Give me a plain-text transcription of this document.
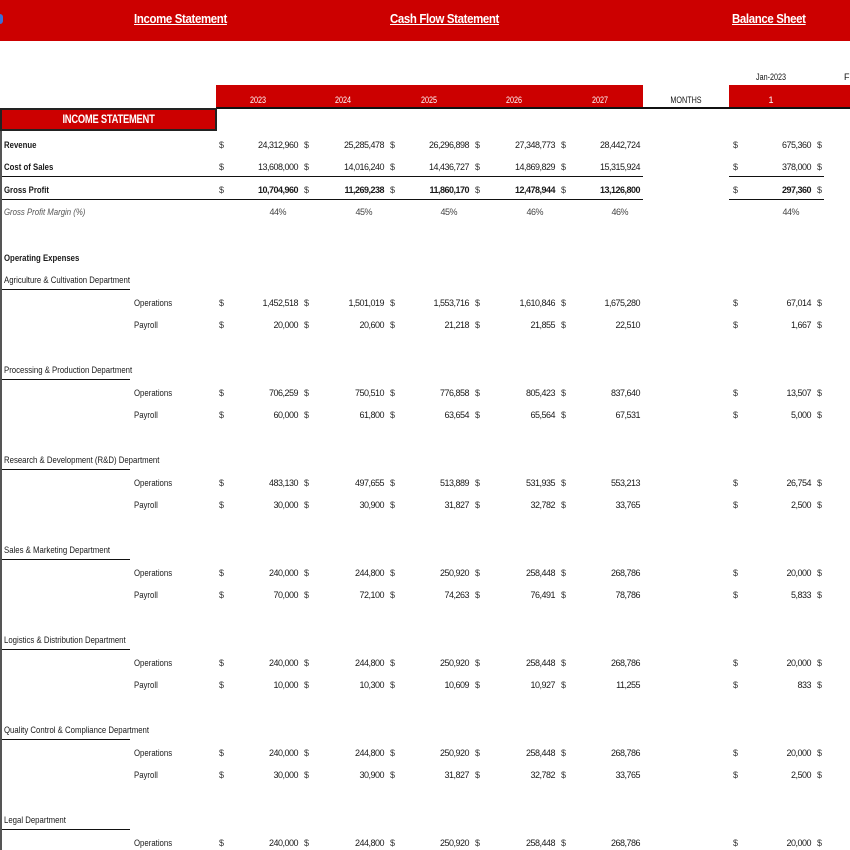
Income Statement	Cash Flow Statement	Balance Sheet
2023	2024	2025	2026	2027	MONTHS
Jan-2023	F
1
INCOME STATEMENT
Revenue	$	24,312,960 $	25,285,478 $	26,296,898 $	27,348,773 $	28,442,724	$	675,360 $
Cost of Sales	$	13,608,000 $	14,016,240 $	14,436,727 $	14,869,829 $	15,315,924	$	378,000 $
Gross Profit	$	10,704,960 $	11,269,238 $	11,860,170 $	12,478,944 $	13,126,800	$	297,360 $
Gross Profit Margin (%)	44%	45%	45%	46%	46%	44%
Operating Expenses
Agriculture & Cultivation Department
Operations	$	1,452,518 $	1,501,019 $	1,553,716 $	1,610,846 $	1,675,280	$	67,014 $
Payroll	$	20,000 $	20,600 $	21,218 $	21,855 $	22,510	$	1,667 $
Processing & Production Department
Operations	$	706,259 $	750,510 $	776,858 $	805,423 $	837,640	$	13,507 $
Payroll	$	60,000 $	61,800 $	63,654 $	65,564 $	67,531	$	5,000 $
Research & Development (R&D) Department
Operations	$	483,130 $	497,655 $	513,889 $	531,935 $	553,213	$	26,754 $
Payroll	$	30,000 $	30,900 $	31,827 $	32,782 $	33,765	$	2,500 $
Sales & Marketing Department
Operations	$	240,000 $	244,800 $	250,920 $	258,448 $	268,786	$	20,000 $
Payroll	$	70,000 $	72,100 $	74,263 $	76,491 $	78,786	$	5,833 $
Logistics & Distribution Department
Operations	$	240,000 $	244,800 $	250,920 $	258,448 $	268,786	$	20,000 $
Payroll	$	10,000 $	10,300 $	10,609 $	10,927 $	11,255	$	833 $
Quality Control & Compliance Department
Operations	$	240,000 $	244,800 $	250,920 $	258,448 $	268,786	$	20,000 $
Payroll	$	30,000 $	30,900 $	31,827 $	32,782 $	33,765	$	2,500 $
Legal Department
Operations	$	240,000 $	244,800 $	250,920 $	258,448 $	268,786	$	20,000 $
